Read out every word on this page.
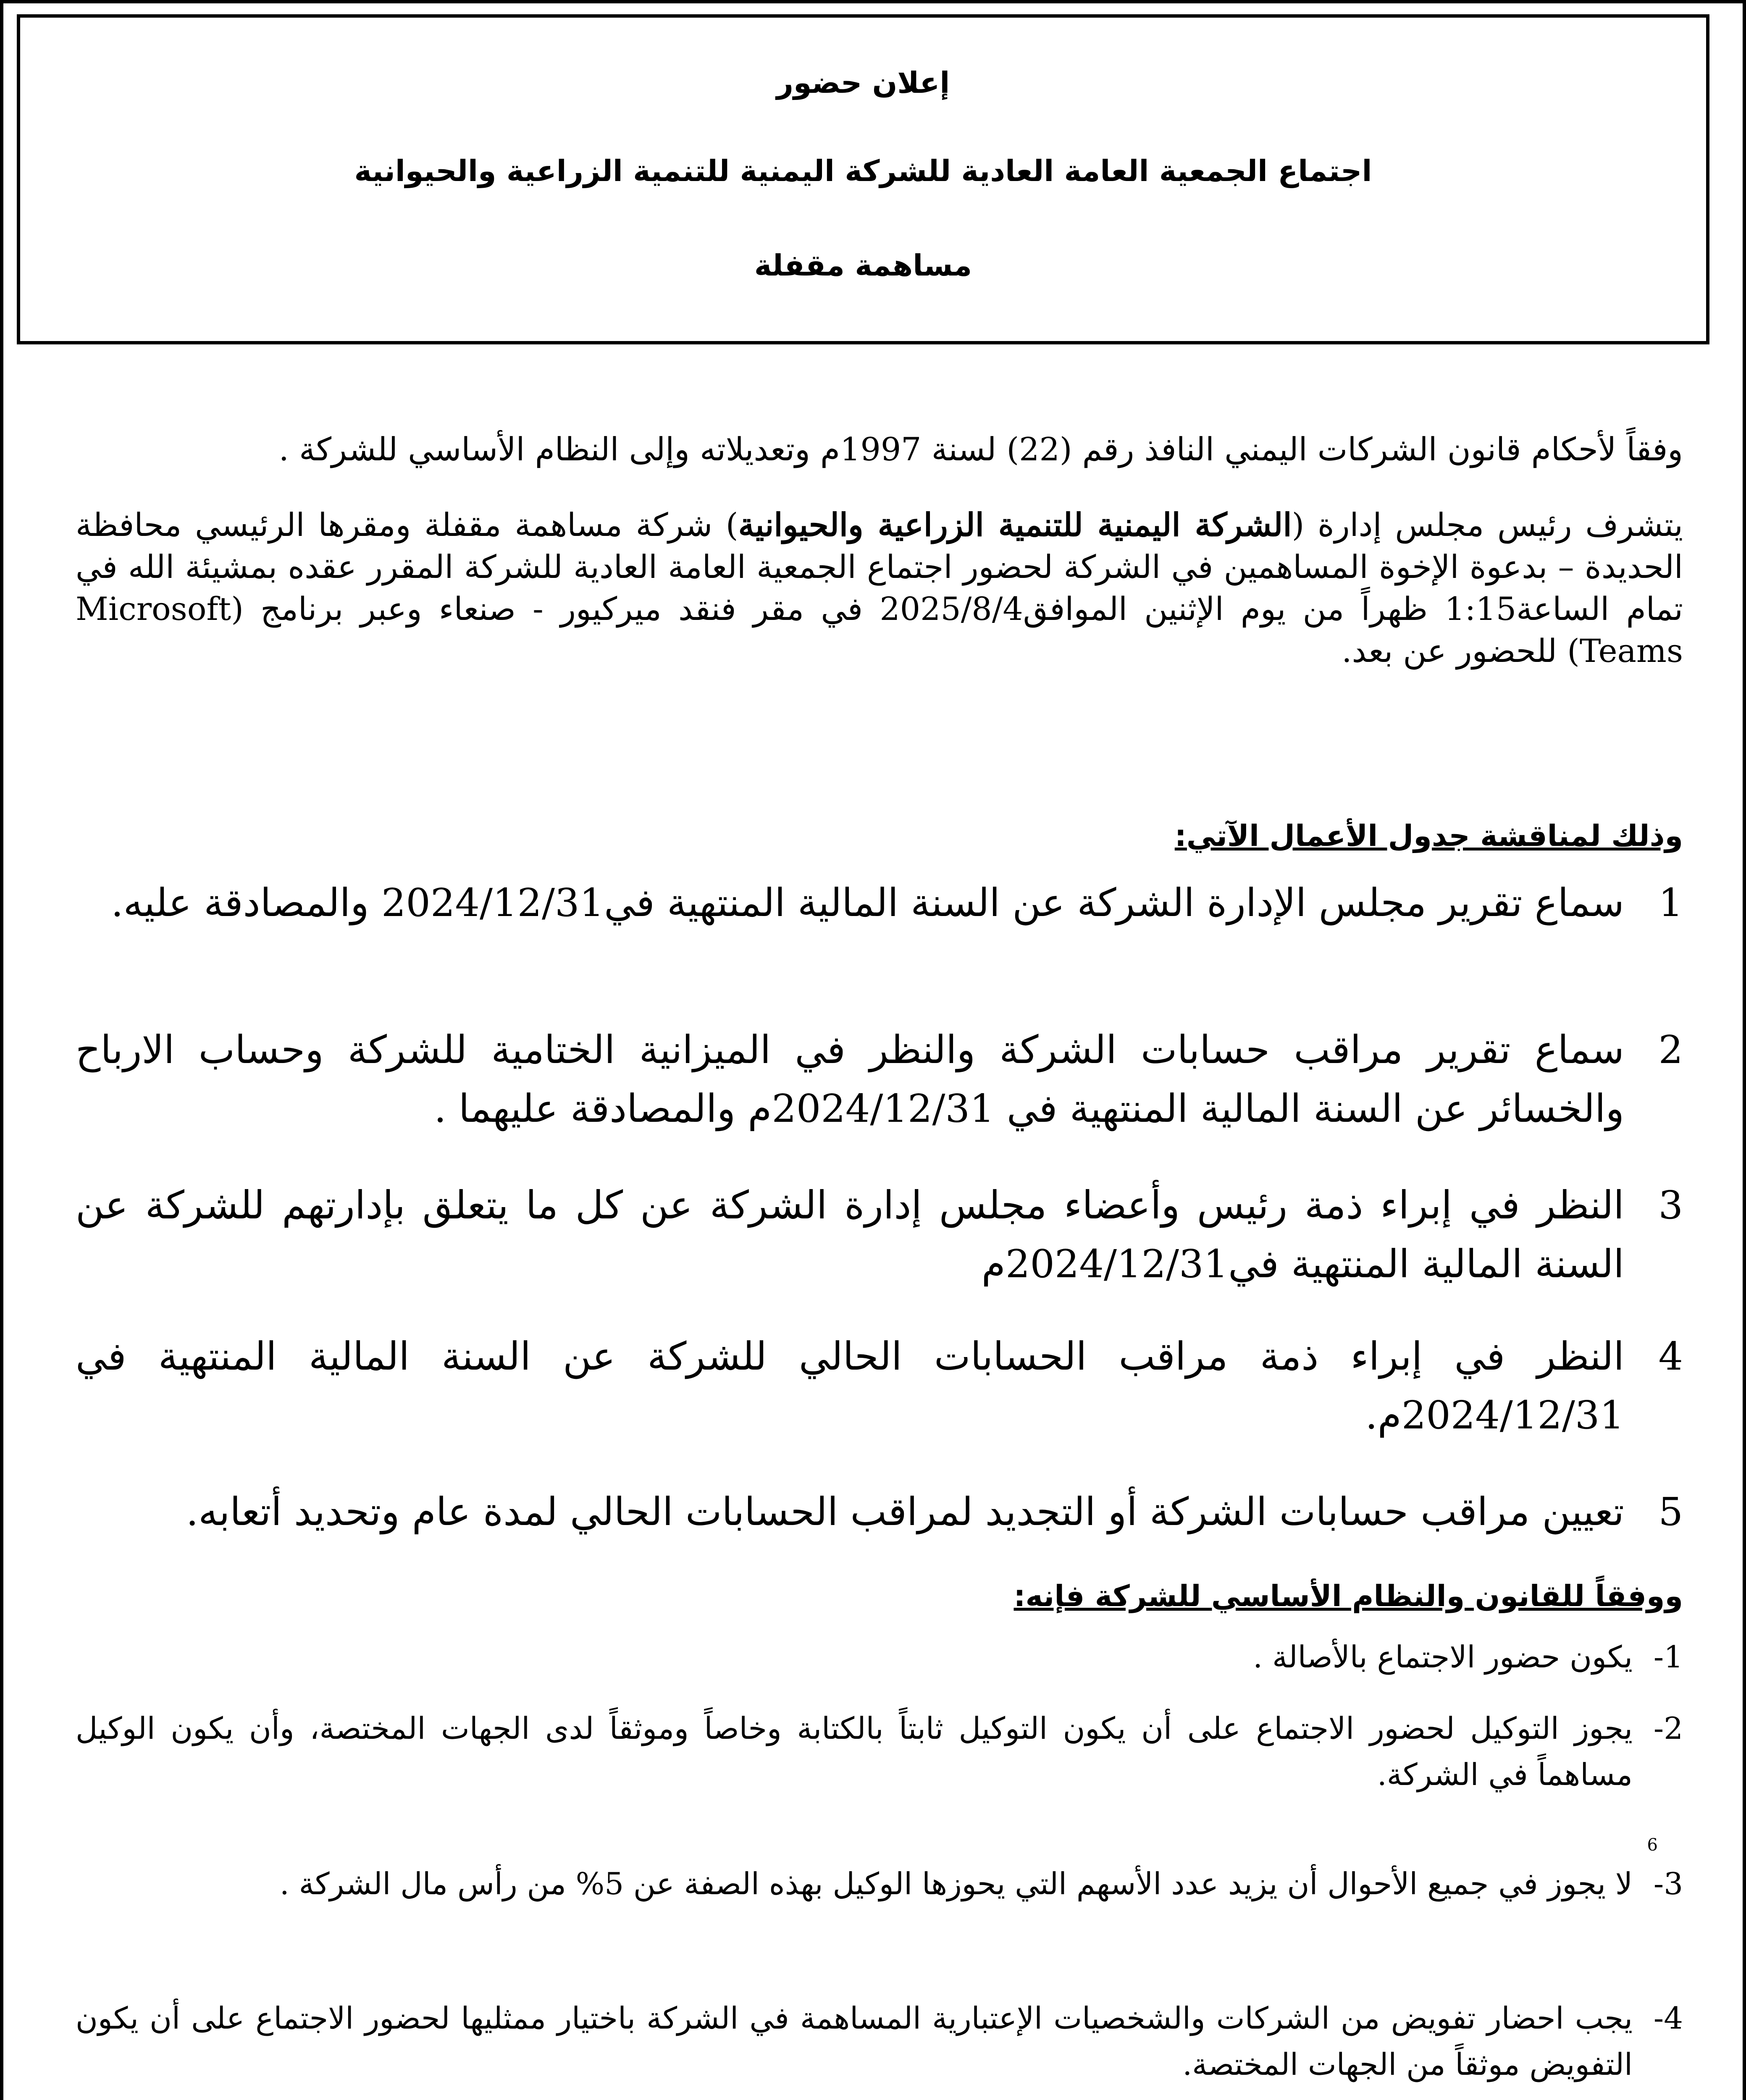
إعلان حضور
اجتماع الجمعية العامة العادية للشركة اليمنية للتنمية الزراعية والحيوانية
مساهمة مقفلة
وفقاً لأحكام قانون الشركات اليمني النافذ رقم (22) لسنة 1997م وتعديلاته وإلى النظام الأساسي للشركة .
يتشرف رئيس مجلس إدارة (الشركة اليمنية للتنمية الزراعية والحيوانية) شركة مساهمة مقفلة ومقرها الرئيسي محافظة الحديدة – بدعوة الإخوة المساهمين في الشركة لحضور اجتماع الجمعية العامة العادية للشركة المقرر عقده بمشيئة الله في تمام الساعة1:15 ظهراً من يوم الإثنين الموافق2025/8/4 في مقر فنقد ميركيور - صنعاء وعبر برنامج (Microsoft Teams) للحضور عن بعد.
وذلك لمناقشة جدول الأعمال الآتي:
1
سماع تقرير مجلس الإدارة الشركة عن السنة المالية المنتهية في2024/12/31 والمصادقة عليه.
2
سماع تقرير مراقب حسابات الشركة والنظر في الميزانية الختامية للشركة وحساب الارباح والخسائر عن السنة المالية المنتهية في 2024/12/31م والمصادقة عليهما .
3
النظر في إبراء ذمة رئيس وأعضاء مجلس إدارة الشركة عن كل ما يتعلق بإدارتهم للشركة عن السنة المالية المنتهية في2024/12/31م
4
النظر في إبراء ذمة مراقب الحسابات الحالي للشركة عن السنة المالية المنتهية في 2024/12/31م.
5
تعيين مراقب حسابات الشركة أو التجديد لمراقب الحسابات الحالي لمدة عام وتحديد أتعابه.
ووفقاً للقانون والنظام الأساسي للشركة فإنه:
1-
يكون حضور الاجتماع بالأصالة .
2-
يجوز التوكيل لحضور الاجتماع على أن يكون التوكيل ثابتاً بالكتابة وخاصاً وموثقاً لدى الجهات المختصة، وأن يكون الوكيل مساهماً في الشركة.
6
3-
لا يجوز في جميع الأحوال أن يزيد عدد الأسهم التي يحوزها الوكيل بهذه الصفة عن 5% من رأس مال الشركة .
4-
يجب احضار تفويض من الشركات والشخصيات الإعتبارية المساهمة في الشركة باختيار ممثليها لحضور الاجتماع على أن يكون التفويض موثقاً من الجهات المختصة.
